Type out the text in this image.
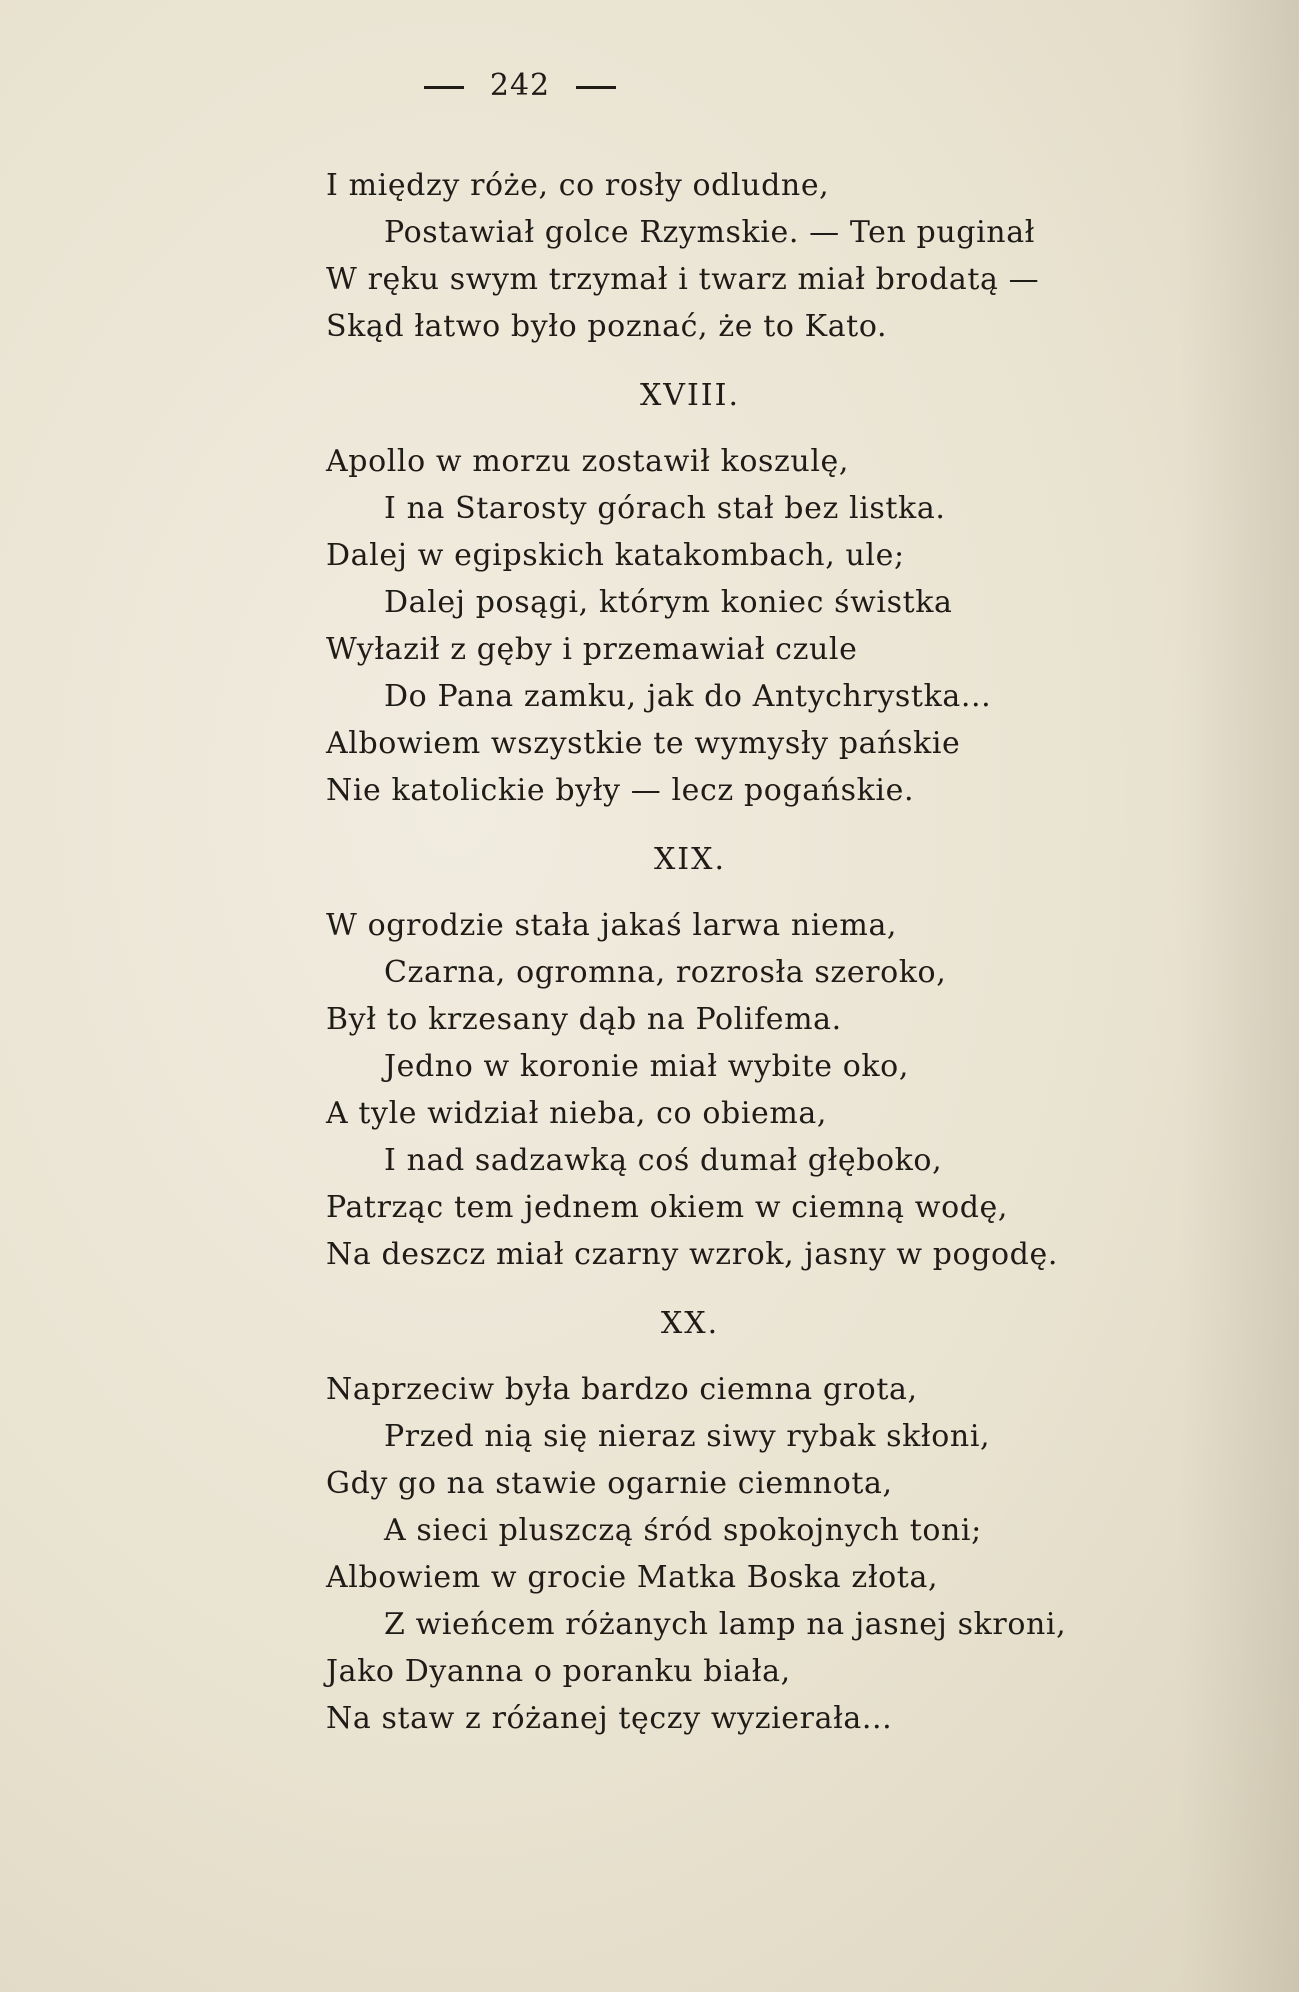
242
I między róże, co rosły odludne,
Postawiał golce Rzymskie. — Ten puginał
W ręku swym trzymał i twarz miał brodatą —
Skąd łatwo było poznać, że to Kato.
XVIII.
Apollo w morzu zostawił koszulę,
I na Starosty górach stał bez listka.
Dalej w egipskich katakombach, ule;
Dalej posągi, którym koniec świstka
Wyłaził z gęby i przemawiał czule
Do Pana zamku, jak do Antychrystka...
Albowiem wszystkie te wymysły pańskie
Nie katolickie były — lecz pogańskie.
XIX.
W ogrodzie stała jakaś larwa niema,
Czarna, ogromna, rozrosła szeroko,
Był to krzesany dąb na Polifema.
Jedno w koronie miał wybite oko,
A tyle widział nieba, co obiema,
I nad sadzawką coś dumał głęboko,
Patrząc tem jednem okiem w ciemną wodę,
Na deszcz miał czarny wzrok, jasny w pogodę.
XX.
Naprzeciw była bardzo ciemna grota,
Przed nią się nieraz siwy rybak skłoni,
Gdy go na stawie ogarnie ciemnota,
A sieci pluszczą śród spokojnych toni;
Albowiem w grocie Matka Boska złota,
Z wieńcem różanych lamp na jasnej skroni,
Jako Dyanna o poranku biała,
Na staw z różanej tęczy wyzierała...
